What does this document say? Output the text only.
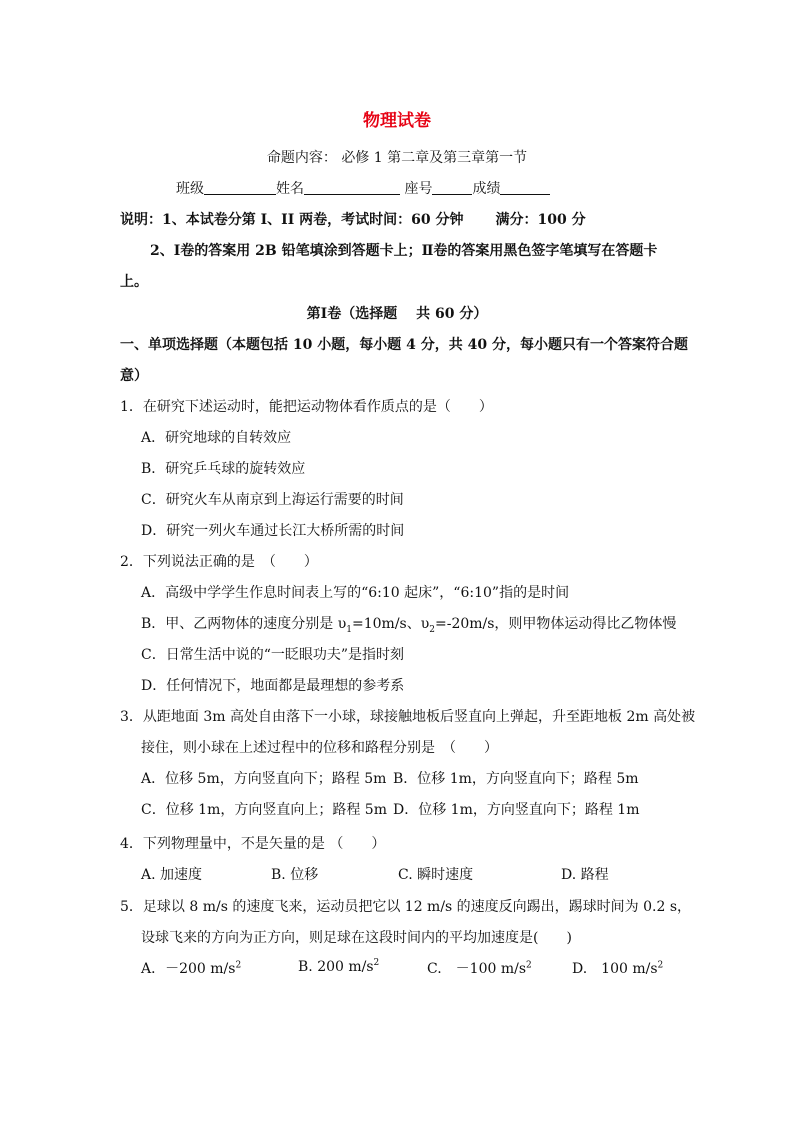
物理试卷
命题内容： 必修 1 第二章及第三章第一节
班级	姓名	座号	成绩
说明：1、本试卷分第 I、II 两卷，考试时间：60 分钟 满分：100 分
2、Ⅰ卷的答案用 2B 铅笔填涂到答题卡上；Ⅱ卷的答案用黑色签字笔填写在答题卡
上。
第Ⅰ卷（选择题　 共 60 分）
一、单项选择题（本题包括 10 小题，每小题 4 分，共 40 分，每小题只有一个答案符合题
意）
1．在研究下述运动时，能把运动物体看作质点的是（　　）
A．研究地球的自转效应
B．研究乒乓球的旋转效应
C．研究火车从南京到上海运行需要的时间
D．研究一列火车通过长江大桥所需的时间
2．下列说法正确的是　（　　）
A．高级中学学生作息时间表上写的“6:10 起床”，“6:10”指的是时间
B．甲、乙两物体的速度分别是 $\upsilon_1=10m/s$、$\upsilon_2=-20m/s$，则甲物体运动得比乙物体慢
C．日常生活中说的“一眨眼功夫”是指时刻
D．任何情况下，地面都是最理想的参考系
3．从距地面 3m 高处自由落下一小球，球接触地板后竖直向上弹起，升至距地板 2m 高处被
接住，则小球在上述过程中的位移和路程分别是　（　　）
A．位移 5m，方向竖直向下；路程 5m B．位移 1m，方向竖直向下；路程 5m
C．位移 1m，方向竖直向上；路程 5m D．位移 1m，方向竖直向下；路程 1m
4．下列物理量中，不是矢量的是 （　　）
A. 加速度	B. 位移	C. 瞬时速度	D. 路程
5．足球以 8 m/s 的速度飞来，运动员把它以 12 m/s 的速度反向踢出，踢球时间为 0.2 s，
设球飞来的方向为正方向，则足球在这段时间内的平均加速度是(　　)
A．－200 $m/s^2$	B. 200 $m/s^2$	C.　－100 $m/s^2$	D.　100 $m/s^2$
